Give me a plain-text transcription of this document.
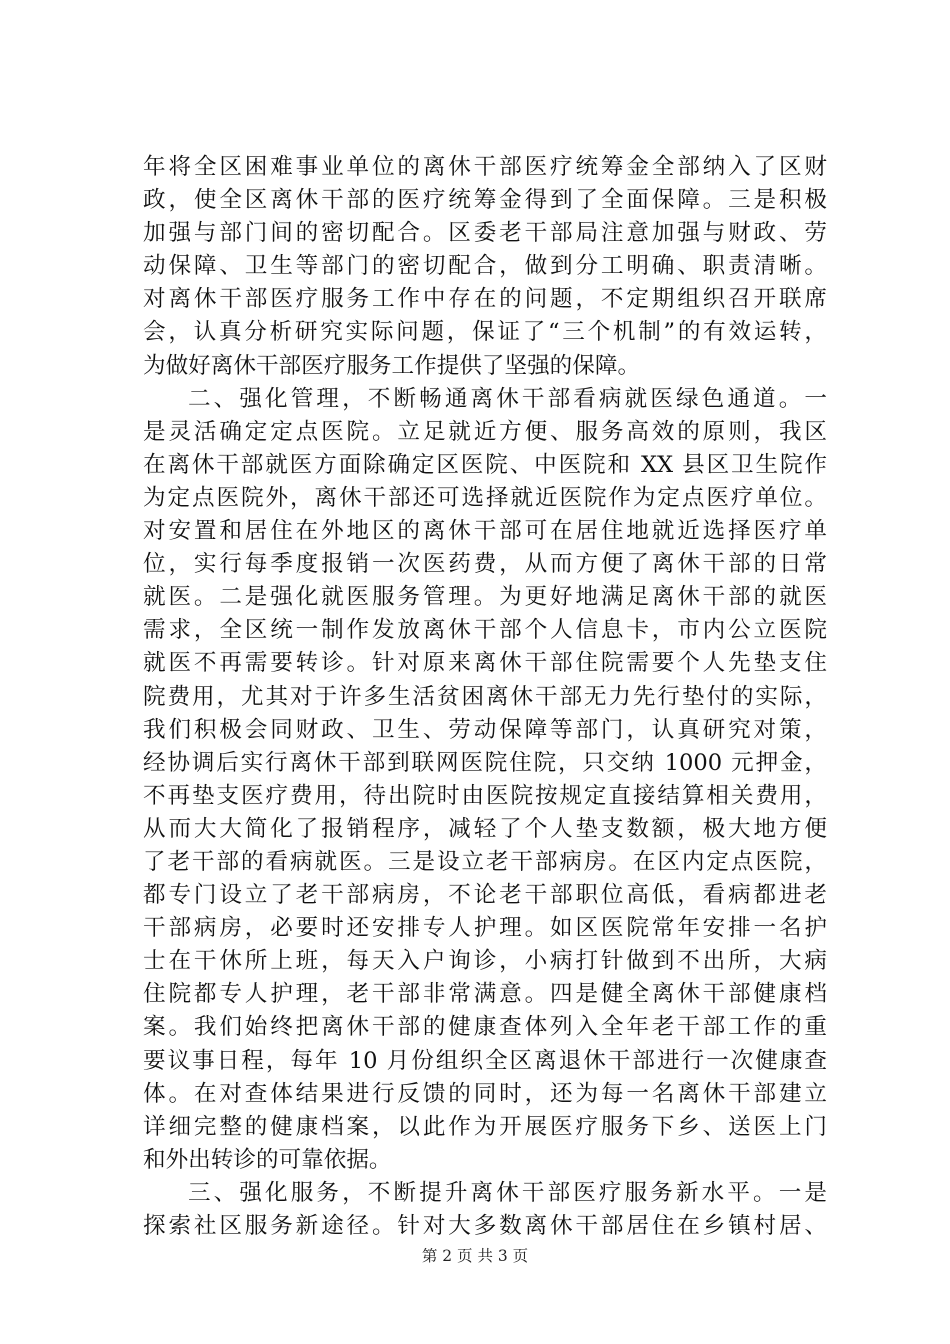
年将全区困难事业单位的离休干部医疗统筹金全部纳入了区财
政，使全区离休干部的医疗统筹金得到了全面保障。三是积极
加强与部门间的密切配合。区委老干部局注意加强与财政、劳
动保障、卫生等部门的密切配合，做到分工明确、职责清晰。
对离休干部医疗服务工作中存在的问题，不定期组织召开联席
会，认真分析研究实际问题，保证了“三个机制”的有效运转，
为做好离休干部医疗服务工作提供了坚强的保障。
二、强化管理，不断畅通离休干部看病就医绿色通道。一
是灵活确定定点医院。立足就近方便、服务高效的原则，我区
在离休干部就医方面除确定区医院、中医院和 XX 县区卫生院作
为定点医院外，离休干部还可选择就近医院作为定点医疗单位。
对安置和居住在外地区的离休干部可在居住地就近选择医疗单
位，实行每季度报销一次医药费，从而方便了离休干部的日常
就医。二是强化就医服务管理。为更好地满足离休干部的就医
需求，全区统一制作发放离休干部个人信息卡，市内公立医院
就医不再需要转诊。针对原来离休干部住院需要个人先垫支住
院费用，尤其对于许多生活贫困离休干部无力先行垫付的实际，
我们积极会同财政、卫生、劳动保障等部门，认真研究对策，
经协调后实行离休干部到联网医院住院，只交纳 1000 元押金，
不再垫支医疗费用，待出院时由医院按规定直接结算相关费用，
从而大大简化了报销程序，减轻了个人垫支数额，极大地方便
了老干部的看病就医。三是设立老干部病房。在区内定点医院，
都专门设立了老干部病房，不论老干部职位高低，看病都进老
干部病房，必要时还安排专人护理。如区医院常年安排一名护
士在干休所上班，每天入户询诊，小病打针做到不出所，大病
住院都专人护理，老干部非常满意。四是健全离休干部健康档
案。我们始终把离休干部的健康查体列入全年老干部工作的重
要议事日程，每年 10 月份组织全区离退休干部进行一次健康查
体。在对查体结果进行反馈的同时，还为每一名离休干部建立
详细完整的健康档案，以此作为开展医疗服务下乡、送医上门
和外出转诊的可靠依据。
三、强化服务，不断提升离休干部医疗服务新水平。一是
探索社区服务新途径。针对大多数离休干部居住在乡镇村居、
第 2 页 共 3 页
